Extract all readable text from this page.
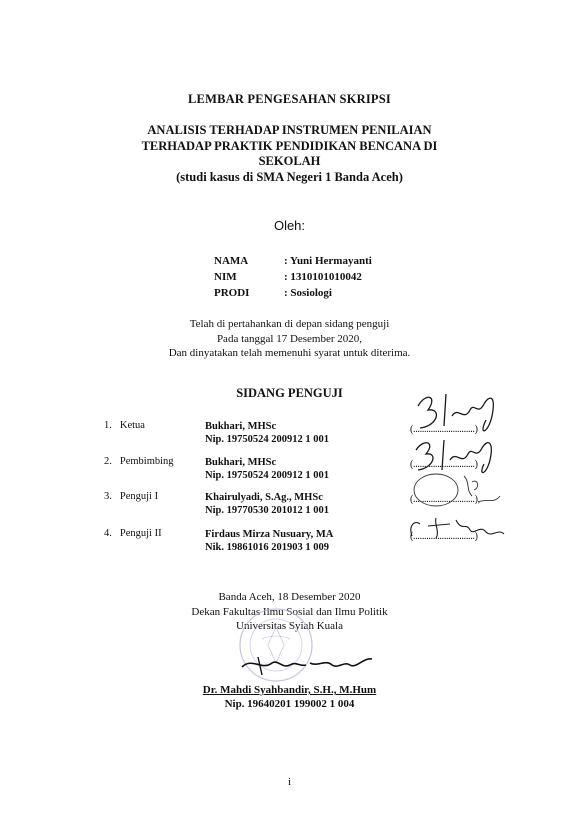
LEMBAR PENGESAHAN SKRIPSI
ANALISIS TERHADAP INSTRUMEN PENILAIAN
TERHADAP PRAKTIK PENDIDIKAN BENCANA DI
SEKOLAH
(studi kasus di SMA Negeri 1 Banda Aceh)
Oleh:
NAMA	: Yuni Hermayanti
NIM	: 1310101010042
PRODI	: Sosiologi
Telah di pertahankan di depan sidang penguji
Pada tanggal 17 Desember 2020,
Dan dinyatakan telah memenuhi syarat untuk diterima.
SIDANG PENGUJI
1. Ketua	Bukhari, MHSc
Nip. 19750524 200912 1 001
(............................)
2. Pembimbing	Bukhari, MHSc
Nip. 19750524 200912 1 001
(............................)
3. Penguji I	Khairulyadi, S.Ag., MHSc
Nip. 19770530 201012 1 001
(............................),
4. Penguji II	Firdaus Mirza Nusuary, MA
Nik. 19861016 201903 1 009
(............................)
Banda Aceh, 18 Desember 2020
Dekan Fakultas Ilmu Sosial dan Ilmu Politik
Universitas Syiah Kuala
Dr. Mahdi Syahbandir, S.H., M.Hum
Nip. 19640201 199002 1 004
i
